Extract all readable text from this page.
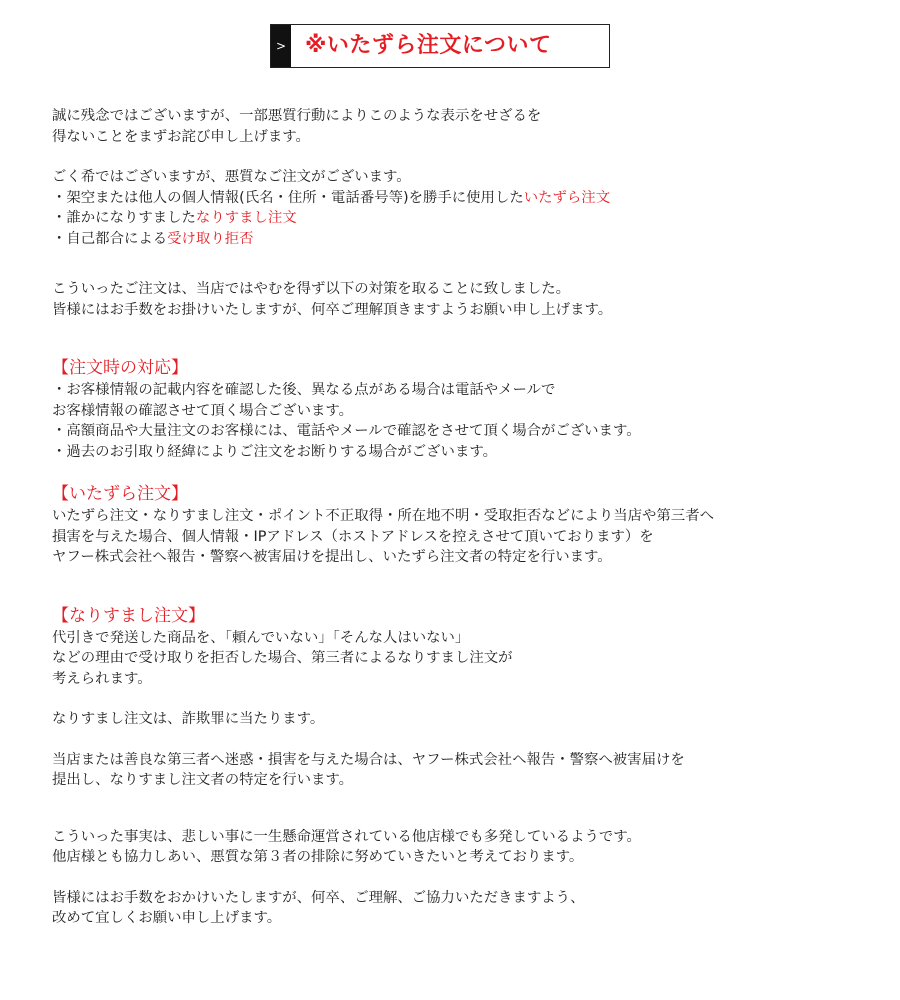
> ※いたずら注文について
誠に残念ではございますが、一部悪質行動によりこのような表示をせざるを
得ないことをまずお詫び申し上げます。
ごく希ではございますが、悪質なご注文がございます。
・架空または他人の個人情報(氏名・住所・電話番号等)を勝手に使用したいたずら注文
・誰かになりすましたなりすまし注文
・自己都合による受け取り拒否
こういったご注文は、当店ではやむを得ず以下の対策を取ることに致しました。
皆様にはお手数をお掛けいたしますが、何卒ご理解頂きますようお願い申し上げます。
【注文時の対応】
・お客様情報の記載内容を確認した後、異なる点がある場合は電話やメールで
お客様情報の確認させて頂く場合ございます。
・高額商品や大量注文のお客様には、電話やメールで確認をさせて頂く場合がございます。
・過去のお引取り経緯によりご注文をお断りする場合がございます。
【いたずら注文】
いたずら注文・なりすまし注文・ポイント不正取得・所在地不明・受取拒否などにより当店や第三者へ
損害を与えた場合、個人情報・IPアドレス（ホストアドレスを控えさせて頂いております）を
ヤフー株式会社へ報告・警察へ被害届けを提出し、いたずら注文者の特定を行います。
【なりすまし注文】
代引きで発送した商品を、「頼んでいない」「そんな人はいない」
などの理由で受け取りを拒否した場合、第三者によるなりすまし注文が
考えられます。
なりすまし注文は、詐欺罪に当たります。
当店または善良な第三者へ迷惑・損害を与えた場合は、ヤフー株式会社へ報告・警察へ被害届けを
提出し、なりすまし注文者の特定を行います。
こういった事実は、悲しい事に一生懸命運営されている他店様でも多発しているようです。
他店様とも協力しあい、悪質な第３者の排除に努めていきたいと考えております。
皆様にはお手数をおかけいたしますが、何卒、ご理解、ご協力いただきますよう、
改めて宜しくお願い申し上げます。
